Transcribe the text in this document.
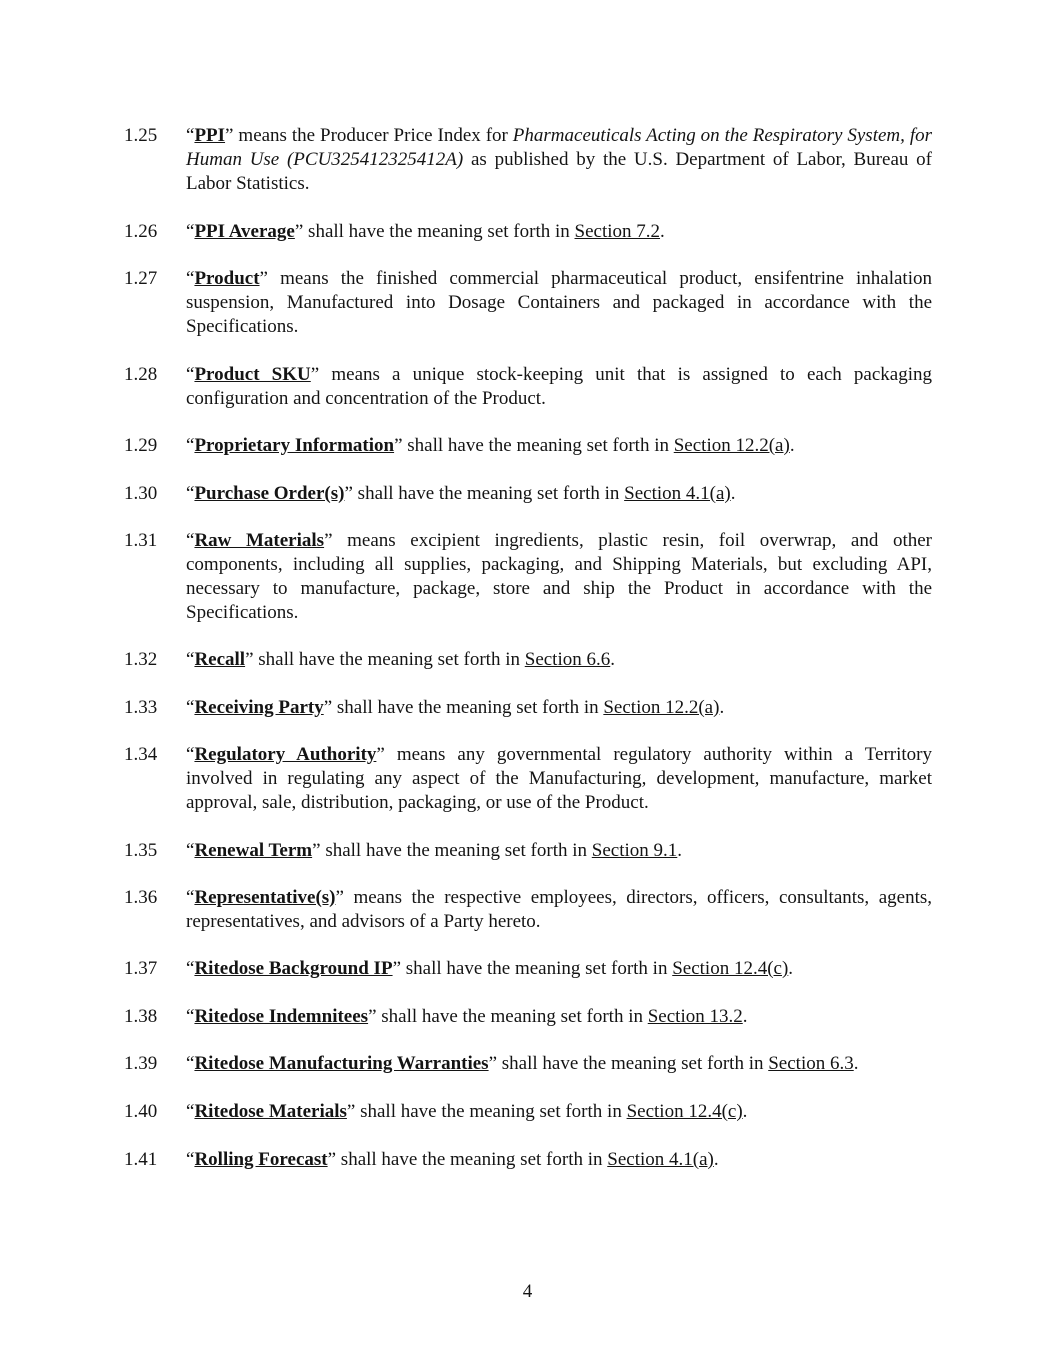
1.25	“PPI” means the Producer Price Index for Pharmaceuticals Acting on the Respiratory System, for Human Use (PCU325412325412A) as published by the U.S. Department of Labor, Bureau of Labor Statistics.
1.26	“PPI Average” shall have the meaning set forth in Section 7.2.
1.27	“Product” means the finished commercial pharmaceutical product, ensifentrine inhalation suspension, Manufactured into Dosage Containers and packaged in accordance with the Specifications.
1.28	“Product SKU” means a unique stock-keeping unit that is assigned to each packaging configuration and concentration of the Product.
1.29	“Proprietary Information” shall have the meaning set forth in Section 12.2(a).
1.30	“Purchase Order(s)” shall have the meaning set forth in Section 4.1(a).
1.31	“Raw Materials” means excipient ingredients, plastic resin, foil overwrap, and other components, including all supplies, packaging, and Shipping Materials, but excluding API, necessary to manufacture, package, store and ship the Product in accordance with the Specifications.
1.32	“Recall” shall have the meaning set forth in Section 6.6.
1.33	“Receiving Party” shall have the meaning set forth in Section 12.2(a).
1.34	“Regulatory Authority” means any governmental regulatory authority within a Territory involved in regulating any aspect of the Manufacturing, development, manufacture, market approval, sale, distribution, packaging, or use of the Product.
1.35	“Renewal Term” shall have the meaning set forth in Section 9.1.
1.36	“Representative(s)” means the respective employees, directors, officers, consultants, agents, representatives, and advisors of a Party hereto.
1.37	“Ritedose Background IP” shall have the meaning set forth in Section 12.4(c).
1.38	“Ritedose Indemnitees” shall have the meaning set forth in Section 13.2.
1.39	“Ritedose Manufacturing Warranties” shall have the meaning set forth in Section 6.3.
1.40	“Ritedose Materials” shall have the meaning set forth in Section 12.4(c).
1.41	“Rolling Forecast” shall have the meaning set forth in Section 4.1(a).
4
